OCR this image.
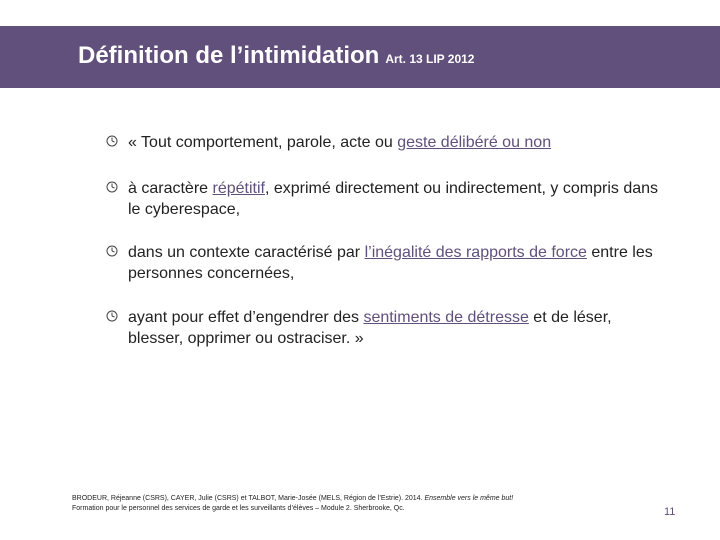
Définition de l’intimidation Art. 13 LIP 2012
« Tout comportement, parole, acte ou geste délibéré ou non
à caractère répétitif, exprimé directement ou indirectement, y compris dans le cyberespace,
dans un contexte caractérisé par l’inégalité des rapports de force entre les personnes concernées,
ayant pour effet d’engendrer des sentiments de détresse et de léser, blesser, opprimer ou ostraciser. »
BRODEUR, Réjeanne (CSRS), CAYER, Julie (CSRS) et TALBOT, Marie-Josée (MELS, Région de l’Estrie). 2014. Ensemble vers le même but!
Formation pour le personnel des services de garde et les surveillants d’élèves – Module 2. Sherbrooke, Qc.	11
